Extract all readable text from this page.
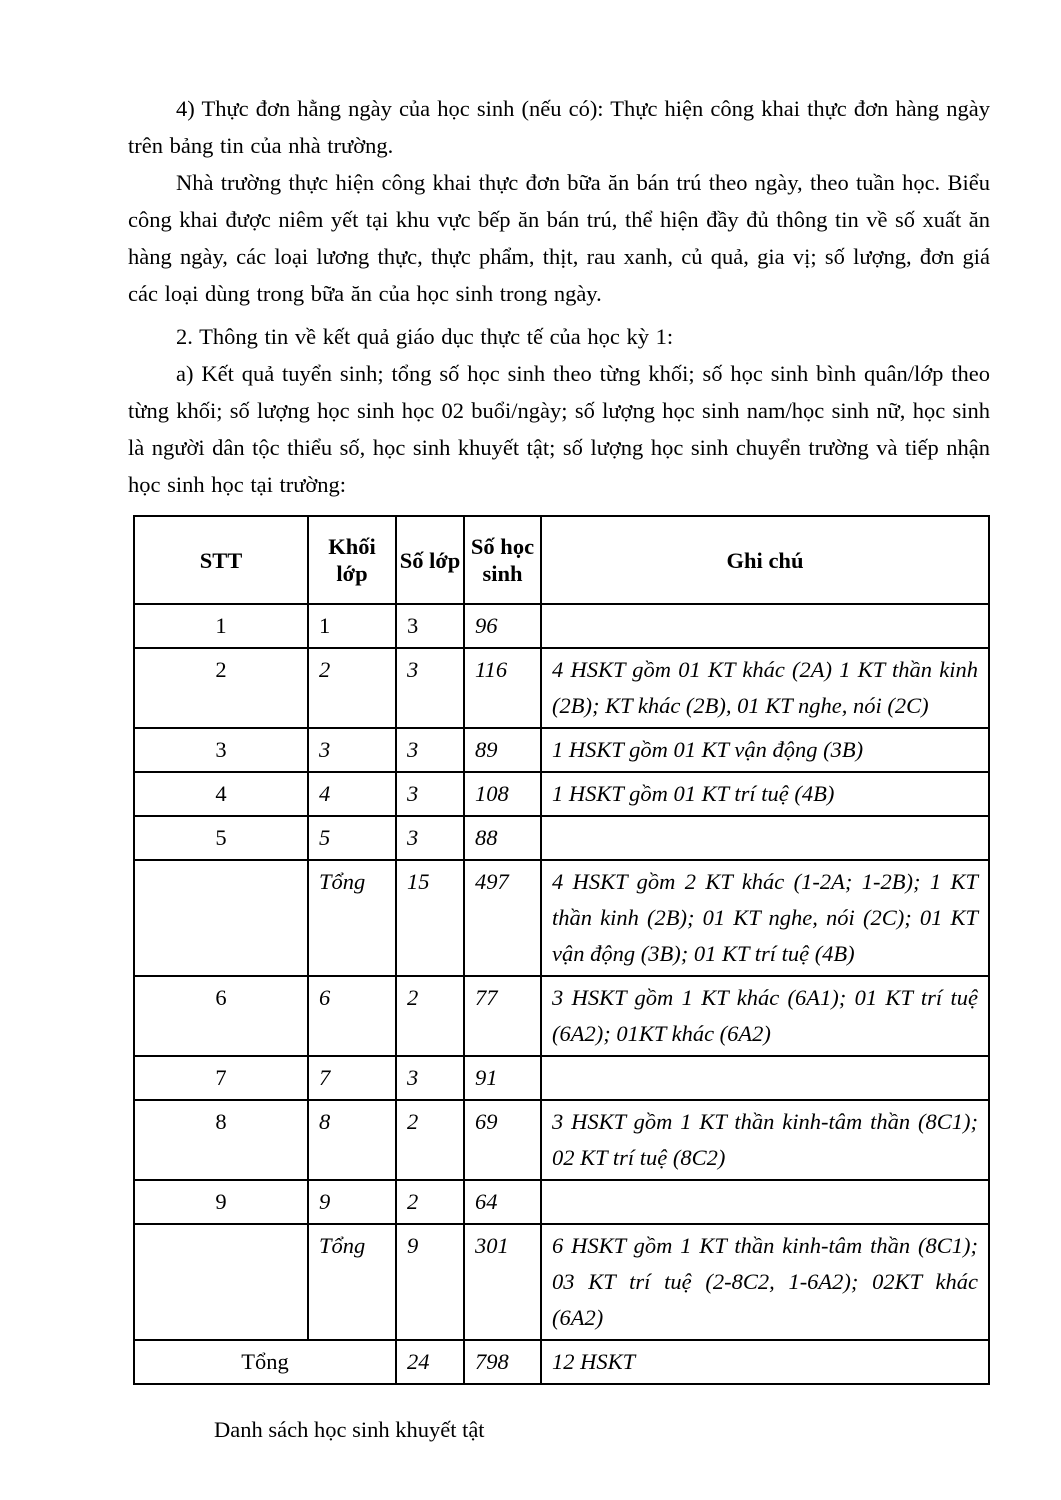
4) Thực đơn hằng ngày của học sinh (nếu có): Thực hiện công khai thực đơn hàng ngày trên bảng tin của nhà trường.

Nhà trường thực hiện công khai thực đơn bữa ăn bán trú theo ngày, theo tuần học. Biểu công khai được niêm yết tại khu vực bếp ăn bán trú, thể hiện đầy đủ thông tin về số xuất ăn hàng ngày, các loại lương thực, thực phẩm, thịt, rau xanh, củ quả, gia vị; số lượng, đơn giá các loại dùng trong bữa ăn của học sinh trong ngày.

2. Thông tin về kết quả giáo dục thực tế của học kỳ 1:

a) Kết quả tuyển sinh; tổng số học sinh theo từng khối; số học sinh bình quân/lớp theo từng khối; số lượng học sinh học 02 buổi/ngày; số lượng học sinh nam/học sinh nữ, học sinh là người dân tộc thiểu số, học sinh khuyết tật; số lượng học sinh chuyển trường và tiếp nhận học sinh học tại trường:

STT	Khối lớp	Số lớp	Số học sinh	Ghi chú
1	1	3	96	
2	2	3	116	4 HSKT gồm 01 KT khác (2A) 1 KT thần kinh (2B); KT khác (2B), 01 KT nghe, nói (2C)
3	3	3	89	1 HSKT gồm 01 KT vận động (3B)
4	4	3	108	1 HSKT gồm 01 KT trí tuệ (4B)
5	5	3	88	
	Tổng	15	497	4 HSKT gồm 2 KT khác (1-2A; 1-2B); 1 KT thần kinh (2B); 01 KT nghe, nói (2C); 01 KT vận động (3B); 01 KT trí tuệ (4B)
6	6	2	77	3 HSKT gồm 1 KT khác (6A1); 01 KT trí tuệ (6A2); 01KT khác (6A2)
7	7	3	91	
8	8	2	69	3 HSKT gồm 1 KT thần kinh-tâm thần (8C1); 02 KT trí tuệ (8C2)
9	9	2	64	
	Tổng	9	301	6 HSKT gồm 1 KT thần kinh-tâm thần (8C1); 03 KT trí tuệ (2-8C2, 1-6A2); 02KT khác (6A2)
Tổng		24	798	12 HSKT

Danh sách học sinh khuyết tật
